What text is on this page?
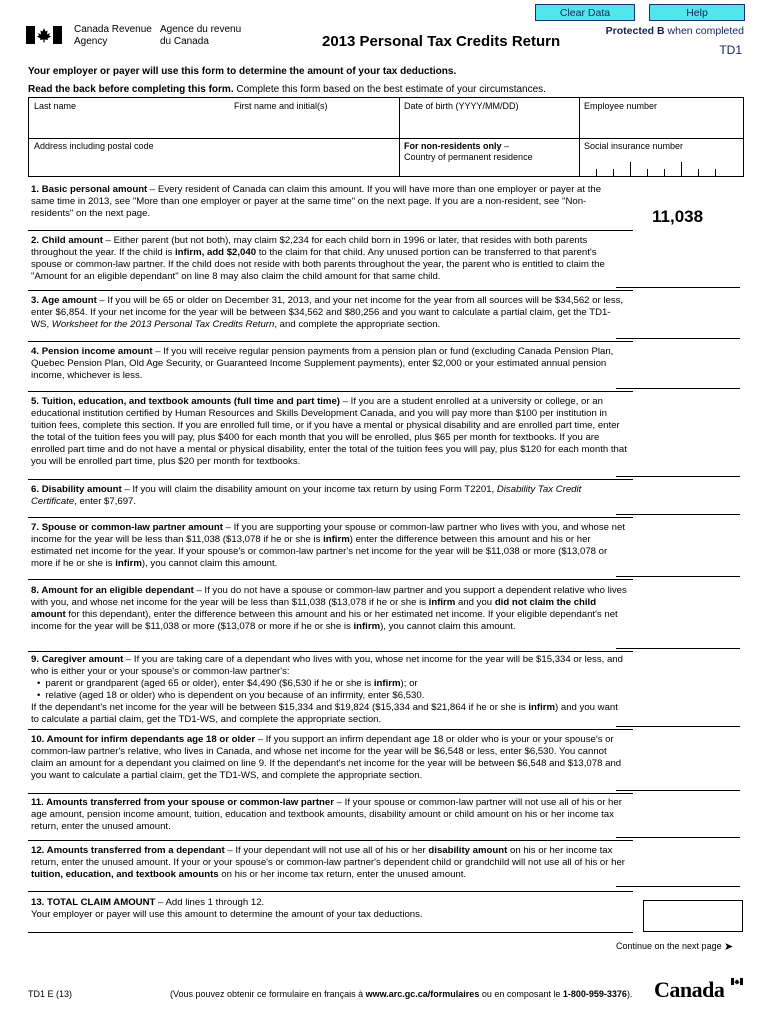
Clear Data	Help
Canada Revenue
Agency
Agence du revenu
du Canada	2013 Personal Tax Credits Return
Protected B when completed
TD1
Your employer or payer will use this form to determine the amount of your tax deductions.
Read the back before completing this form. Complete this form based on the best estimate of your circumstances.
Last name	First name and initial(s)	Date of birth (YYYY/MM/DD)	Employee number
Address including postal code	For non-residents only –
Country of permanent residence
Social insurance number
1. Basic personal amount – Every resident of Canada can claim this amount. If you will have more than one employer or payer at the same time in 2013, see "More than one employer or payer at the same time" on the next page. If you are a non-resident, see "Non-residents" on the next page.	11,038
2. Child amount – Either parent (but not both), may claim $2,234 for each child born in 1996 or later, that resides with both parents throughout the year. If the child is infirm, add $2,040 to the claim for that child. Any unused portion can be transferred to that parent's spouse or common-law partner. If the child does not reside with both parents throughout the year, the parent who is entitled to claim the "Amount for an eligible dependant" on line 8 may also claim the child amount for that same child.
3. Age amount – If you will be 65 or older on December 31, 2013, and your net income for the year from all sources will be $34,562 or less, enter $6,854. If your net income for the year will be between $34,562 and $80,256 and you want to calculate a partial claim, get the TD1-WS, Worksheet for the 2013 Personal Tax Credits Return, and complete the appropriate section.
4. Pension income amount – If you will receive regular pension payments from a pension plan or fund (excluding Canada Pension Plan, Quebec Pension Plan, Old Age Security, or Guaranteed Income Supplement payments), enter $2,000 or your estimated annual pension income, whichever is less.
5. Tuition, education, and textbook amounts (full time and part time) – If you are a student enrolled at a university or college, or an educational institution certified by Human Resources and Skills Development Canada, and you will pay more than $100 per institution in tuition fees, complete this section. If you are enrolled full time, or if you have a mental or physical disability and are enrolled part time, enter the total of the tuition fees you will pay, plus $400 for each month that you will be enrolled, plus $65 per month for textbooks. If you are enrolled part time and do not have a mental or physical disability, enter the total of the tuition fees you will pay, plus $120 for each month that you will be enrolled part time, plus $20 per month for textbooks.
6. Disability amount – If you will claim the disability amount on your income tax return by using Form T2201, Disability Tax Credit Certificate, enter $7,697.
7. Spouse or common-law partner amount – If you are supporting your spouse or common-law partner who lives with you, and whose net income for the year will be less than $11,038 ($13,078 if he or she is infirm) enter the difference between this amount and his or her estimated net income for the year. If your spouse's or common-law partner's net income for the year will be $11,038 or more ($13,078 or more if he or she is infirm), you cannot claim this amount.
8. Amount for an eligible dependant – If you do not have a spouse or common-law partner and you support a dependent relative who lives with you, and whose net income for the year will be less than $11,038 ($13,078 if he or she is infirm and you did not claim the child amount for this dependant), enter the difference between this amount and his or her estimated net income. If your eligible dependant's net income for the year will be $11,038 or more ($13,078 or more if he or she is infirm), you cannot claim this amount.
9. Caregiver amount – If you are taking care of a dependant who lives with you, whose net income for the year will be $15,334 or less, and who is either your or your spouse's or common-law partner's:
• parent or grandparent (aged 65 or older), enter $4,490 ($6,530 if he or she is infirm); or
• relative (aged 18 or older) who is dependent on you because of an infirmity, enter $6,530.
If the dependant's net income for the year will be between $15,334 and $19,824 ($15,334 and $21,864 if he or she is infirm) and you want to calculate a partial claim, get the TD1-WS, and complete the appropriate section.
10. Amount for infirm dependants age 18 or older – If you support an infirm dependant age 18 or older who is your or your spouse's or common-law partner's relative, who lives in Canada, and whose net income for the year will be $6,548 or less, enter $6,530. You cannot claim an amount for a dependant you claimed on line 9. If the dependant's net income for the year will be between $6,548 and $13,078 and you want to calculate a partial claim, get the TD1-WS, and complete the appropriate section.
11. Amounts transferred from your spouse or common-law partner – If your spouse or common-law partner will not use all of his or her age amount, pension income amount, tuition, education and textbook amounts, disability amount or child amount on his or her income tax return, enter the unused amount.
12. Amounts transferred from a dependant – If your dependant will not use all of his or her disability amount on his or her income tax return, enter the unused amount. If your or your spouse's or common-law partner's dependent child or grandchild will not use all of his or her tuition, education, and textbook amounts on his or her income tax return, enter the unused amount.
13. TOTAL CLAIM AMOUNT – Add lines 1 through 12.
Your employer or payer will use this amount to determine the amount of your tax deductions.
Continue on the next page ➤
TD1 E (13)	(Vous pouvez obtenir ce formulaire en français à www.arc.gc.ca/formulaires ou en composant le 1-800-959-3376). Canada
